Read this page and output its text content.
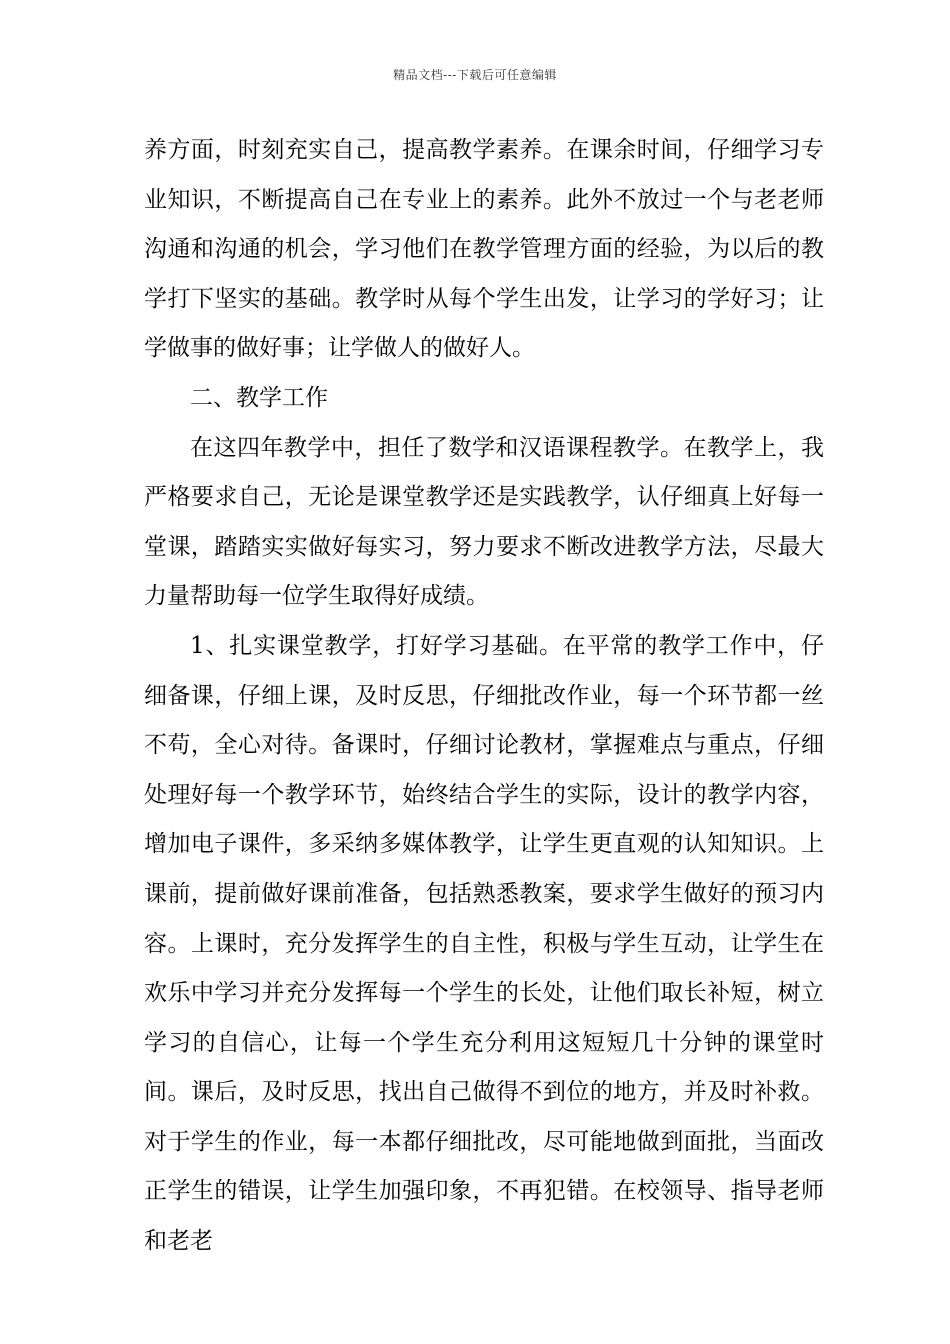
精品文档---下载后可任意编辑

养方面，时刻充实自己，提高教学素养。在课余时间，仔细学习专业知识，不断提高自己在专业上的素养。此外不放过一个与老老师沟通和沟通的机会，学习他们在教学管理方面的经验，为以后的教学打下坚实的基础。教学时从每个学生出发，让学习的学好习；让学做事的做好事；让学做人的做好人。

二、教学工作

在这四年教学中，担任了数学和汉语课程教学。在教学上，我严格要求自己，无论是课堂教学还是实践教学，认仔细真上好每一堂课，踏踏实实做好每实习，努力要求不断改进教学方法，尽最大力量帮助每一位学生取得好成绩。

1、扎实课堂教学，打好学习基础。在平常的教学工作中，仔细备课，仔细上课，及时反思，仔细批改作业，每一个环节都一丝不苟，全心对待。备课时，仔细讨论教材，掌握难点与重点，仔细处理好每一个教学环节，始终结合学生的实际，设计的教学内容，增加电子课件，多采纳多媒体教学，让学生更直观的认知知识。上课前，提前做好课前准备，包括熟悉教案，要求学生做好的预习内容。上课时，充分发挥学生的自主性，积极与学生互动，让学生在欢乐中学习并充分发挥每一个学生的长处，让他们取长补短，树立学习的自信心，让每一个学生充分利用这短短几十分钟的课堂时间。课后，及时反思，找出自己做得不到位的地方，并及时补救。对于学生的作业，每一本都仔细批改，尽可能地做到面批，当面改正学生的错误，让学生加强印象，不再犯错。在校领导、指导老师和老老
